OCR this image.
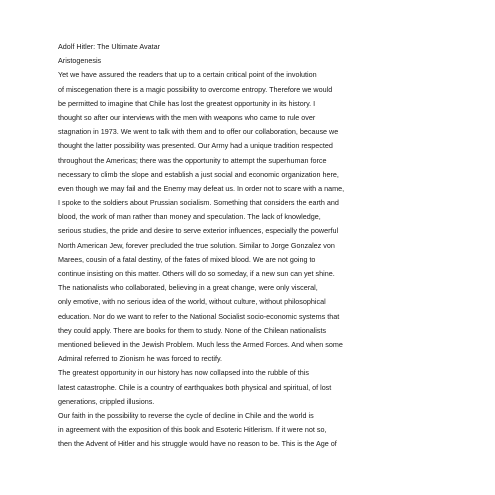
Adolf Hitler: The Ultimate Avatar
Aristogenesis
Yet we have assured the readers that up to a certain critical point of the involution
of miscegenation there is a magic possibility to overcome entropy. Therefore we would
be permitted to imagine that Chile has lost the greatest opportunity in its history. I
thought so after our interviews with the men with weapons who came to rule over
stagnation in 1973. We went to talk with them and to offer our collaboration, because we
thought the latter possibility was presented. Our Army had a unique tradition respected
throughout the Americas; there was the opportunity to attempt the superhuman force
necessary to climb the slope and establish a just social and economic organization here,
even though we may fail and the Enemy may defeat us. In order not to scare with a name,
I spoke to the soldiers about Prussian socialism. Something that considers the earth and
blood, the work of man rather than money and speculation. The lack of knowledge,
serious studies, the pride and desire to serve exterior influences, especially the powerful
North American Jew, forever precluded the true solution. Similar to Jorge Gonzalez von
Marees, cousin of a fatal destiny, of the fates of mixed blood. We are not going to
continue insisting on this matter. Others will do so someday, if a new sun can yet shine.
The nationalists who collaborated, believing in a great change, were only visceral,
only emotive, with no serious idea of the world, without culture, without philosophical
education. Nor do we want to refer to the National Socialist socio-economic systems that
they could apply. There are books for them to study. None of the Chilean nationalists
mentioned believed in the Jewish Problem. Much less the Armed Forces. And when some
Admiral referred to Zionism he was forced to rectify.
The greatest opportunity in our history has now collapsed into the rubble of this
latest catastrophe. Chile is a country of earthquakes both physical and spiritual, of lost
generations, crippled illusions.
Our faith in the possibility to reverse the cycle of decline in Chile and the world is
in agreement with the exposition of this book and Esoteric Hitlerism. If it were not so,
then the Advent of Hitler and his struggle would have no reason to be. This is the Age of
